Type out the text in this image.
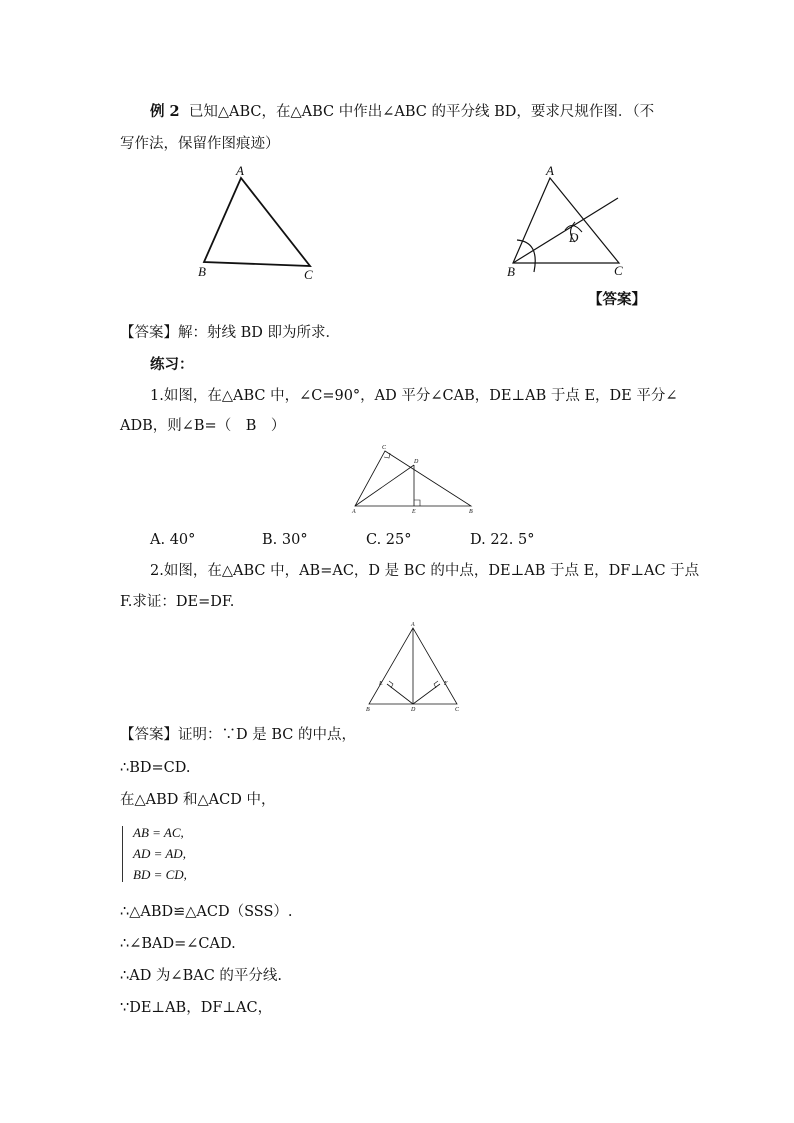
例 2 已知△ABC，在△ABC 中作出∠ABC 的平分线 BD，要求尺规作图．（不
写作法，保留作图痕迹）
A
B	C
A
B	C
D
【答案】
【答案】解：射线 BD 即为所求．
练习：
1.如图，在△ABC 中，∠C=90°，AD 平分∠CAB，DE⊥AB 于点 E，DE 平分∠
ADB，则∠B=（　B　）
C
D
A	E	B
A. 40°	B. 30°	C. 25°	D. 22. 5°
2.如图，在△ABC 中，AB=AC，D 是 BC 的中点，DE⊥AB 于点 E，DF⊥AC 于点
F.求证：DE=DF.
A
E	F
B	D	C
【答案】证明：∵D 是 BC 的中点，
∴BD=CD.
在△ABD 和△ACD 中，
AB = AC,
AD = AD,
BD = CD,
∴△ABD≌△ACD（SSS）.
∴∠BAD=∠CAD.
∴AD 为∠BAC 的平分线.
∵DE⊥AB，DF⊥AC，
